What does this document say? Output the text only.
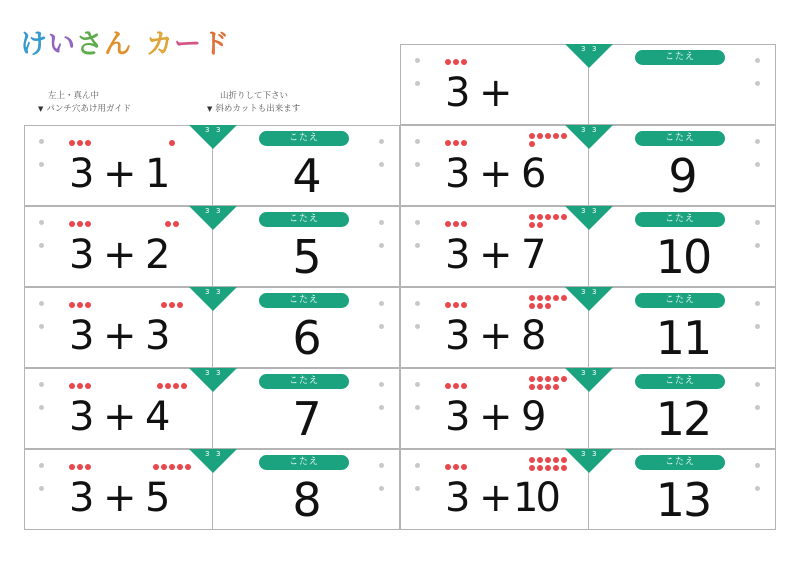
けいさん カード
左上・真ん中
▼ パンチ穴あけ用ガイド
山折りして下さい
▼ 斜めカットも出来ます	3 +
こたえ
3 3
3 + 1
こたえ
4
3 3
3 + 6
こたえ
9
3 3
3 + 2
こたえ
5
3 3
3 + 7
こたえ
10
3 3
3 + 3
こたえ
6
3 3
3 + 8
こたえ
11
3 3
3 + 4
こたえ
7
3 3
3 + 9
こたえ
12
3 3
3 + 5
こたえ
8
3 3
3 + 10
こたえ
13
3 3
